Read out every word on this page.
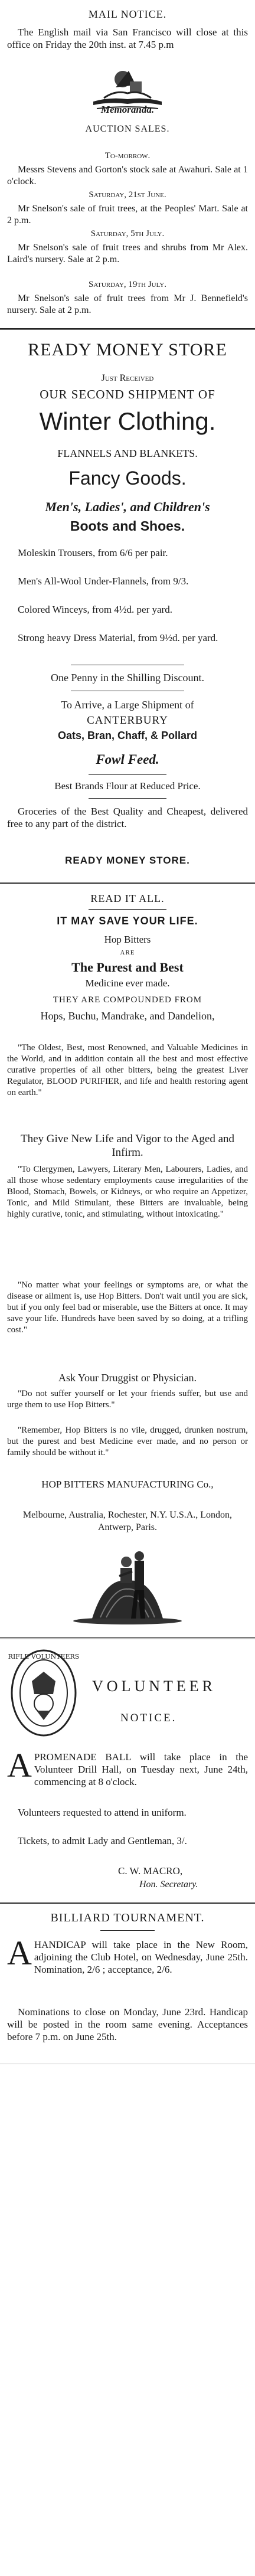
MAIL NOTICE.
The English mail via San Francisco will close at this office on Friday the 20th inst. at 7.45 p.m
Memoranda.
AUCTION SALES.
To-morrow.
Messrs Stevens and Gorton's stock sale at Awahuri. Sale at 1 o'clock.
Saturday, 21st June.
Mr Snelson's sale of fruit trees, at the Peoples' Mart. Sale at 2 p.m.
Saturday, 5th July.
Mr Snelson's sale of fruit trees and shrubs from Mr Alex. Laird's nursery. Sale at 2 p.m.
Saturday, 19th July.
Mr Snelson's sale of fruit trees from Mr J. Bennefield's nursery. Sale at 2 p.m.
READY MONEY STORE
Just Received
OUR SECOND SHIPMENT OF
Winter Clothing.
FLANNELS AND BLANKETS.
Fancy Goods.
Men's, Ladies', and Children's
Boots and Shoes.
Moleskin Trousers, from 6/6 per pair.
Men's All-Wool Under-Flannels, from 9/3.
Colored Winceys, from 4½d. per yard.
Strong heavy Dress Material, from 9½d. per yard.
One Penny in the Shilling Discount.
To Arrive, a Large Shipment of
CANTERBURY
Oats, Bran, Chaff, & Pollard
Fowl Feed.
Best Brands Flour at Reduced Price.
Groceries of the Best Quality and Cheapest, delivered free to any part of the district.
READY MONEY STORE.
READ IT ALL.
IT MAY SAVE YOUR LIFE.
Hop Bitters
ARE
The Purest and Best
Medicine ever made.
THEY ARE COMPOUNDED FROM
Hops, Buchu, Mandrake, and Dandelion,
"The Oldest, Best, most Renowned, and Valuable Medicines in the World, and in addition contain all the best and most effective curative properties of all other bitters, being the greatest Liver Regulator, BLOOD PURIFIER, and life and health restoring agent on earth."
They Give New Life and Vigor to the Aged and Infirm.
"To Clergymen, Lawyers, Literary Men, Labourers, Ladies, and all those whose sedentary employments cause irregularities of the Blood, Stomach, Bowels, or Kidneys, or who require an Appetizer, Tonic, and Mild Stimulant, these Bitters are invaluable, being highly curative, tonic, and stimulating, without intoxicating."
"No matter what your feelings or symptoms are, or what the disease or ailment is, use Hop Bitters. Don't wait until you are sick, but if you only feel bad or miserable, use the Bitters at once. It may save your life. Hundreds have been saved by so doing, at a trifling cost."
Ask Your Druggist or Physician.
"Do not suffer yourself or let your friends suffer, but use and urge them to use Hop Bitters."
"Remember, Hop Bitters is no vile, drugged, drunken nostrum, but the purest and best Medicine ever made, and no person or family should be without it."
HOP BITTERS MANUFACTURING Co.,
Melbourne, Australia, Rochester, N.Y. U.S.A., London, Antwerp, Paris.
RIFLE VOLUNTEERS
VOLUNTEER
NOTICE.
A PROMENADE BALL will take place in the Volunteer Drill Hall, on Tuesday next, June 24th, commencing at 8 o'clock.
Volunteers requested to attend in uniform.
Tickets, to admit Lady and Gentleman, 3/.
C. W. MACRO,
Hon. Secretary.
BILLIARD TOURNAMENT.
A HANDICAP will take place in the New Room, adjoining the Club Hotel, on Wednesday, June 25th. Nomination, 2/6 ; acceptance, 2/6.
Nominations to close on Monday, June 23rd. Handicap will be posted in the room same evening. Acceptances before 7 p.m. on June 25th.
